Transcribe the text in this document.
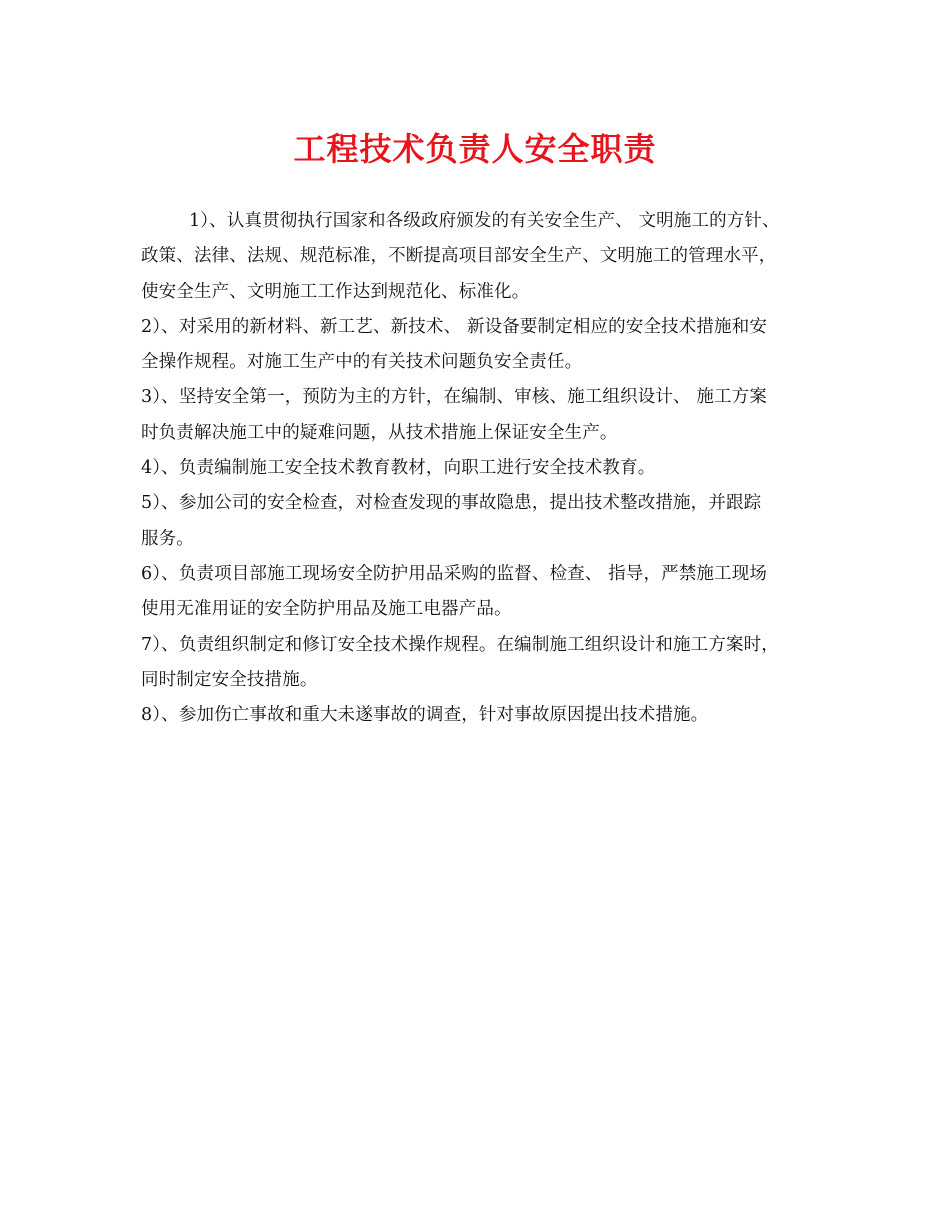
工程技术负责人安全职责
1）、认真贯彻执行国家和各级政府颁发的有关安全生产、 文明施工的方针、
政策、法律、法规、规范标准，不断提高项目部安全生产、文明施工的管理水平，
使安全生产、文明施工工作达到规范化、标准化。
2）、对采用的新材料、新工艺、新技术、 新设备要制定相应的安全技术措施和安
全操作规程。对施工生产中的有关技术问题负安全责任。
3）、坚持安全第一，预防为主的方针，在编制、审核、施工组织设计、 施工方案
时负责解决施工中的疑难问题，从技术措施上保证安全生产。
4）、负责编制施工安全技术教育教材，向职工进行安全技术教育。
5）、参加公司的安全检查，对检查发现的事故隐患，提出技术整改措施，并跟踪
服务。
6）、负责项目部施工现场安全防护用品采购的监督、检查、 指导，严禁施工现场
使用无准用证的安全防护用品及施工电器产品。
7）、负责组织制定和修订安全技术操作规程。在编制施工组织设计和施工方案时，
同时制定安全技措施。
8）、参加伤亡事故和重大未遂事故的调查，针对事故原因提出技术措施。
